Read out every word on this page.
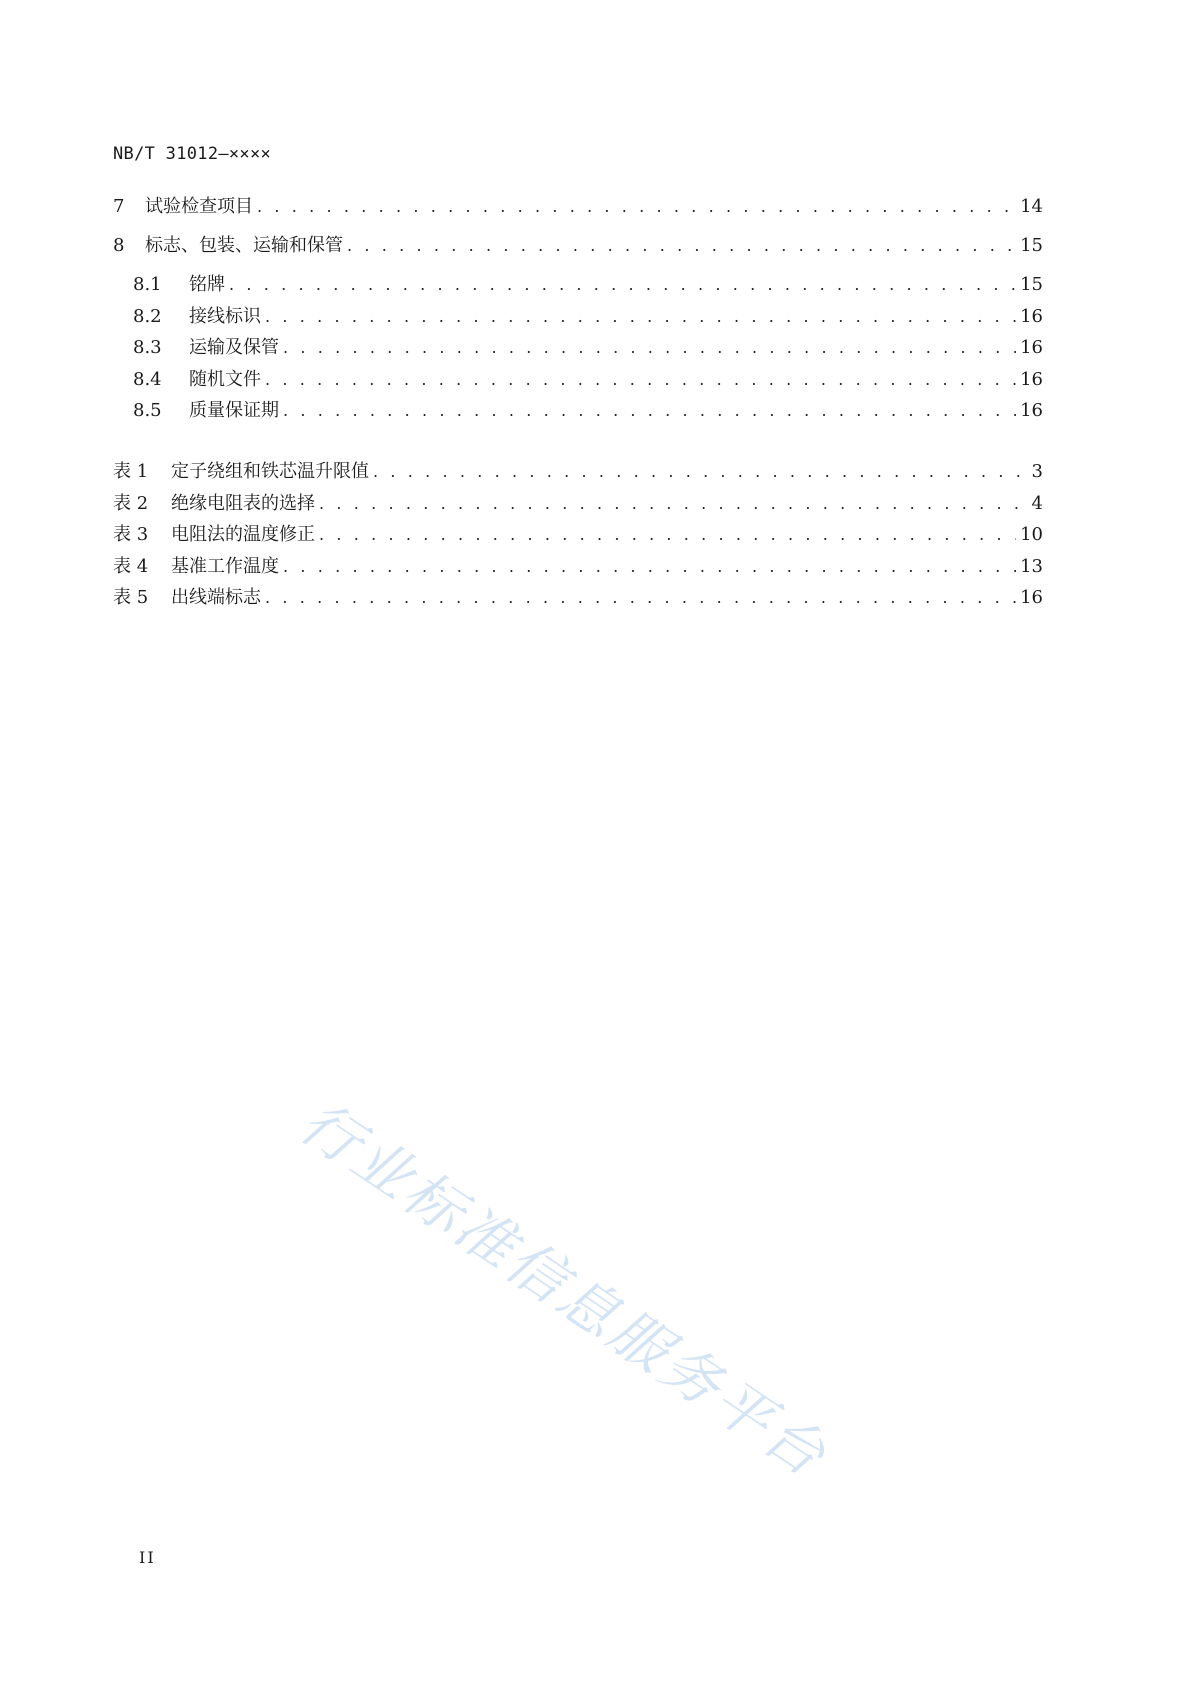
NB/T 31012—××××
7	试验检查项目 . . .	14
8	标志、包装、运输和保管 . . .	15
8.1	铭牌 . . .	15
8.2	接线标识 . . .	16
8.3	运输及保管 . . .	16
8.4	随机文件 . . .	16
8.5	质量保证期 . . .	16
表 1	定子绕组和铁芯温升限值 . . .	3
表 2	绝缘电阻表的选择 . . .	4
表 3	电阻法的温度修正 . . .	10
表 4	基准工作温度 . . .	13
表 5	出线端标志 . . .	16
行业标准信息服务平台
II
